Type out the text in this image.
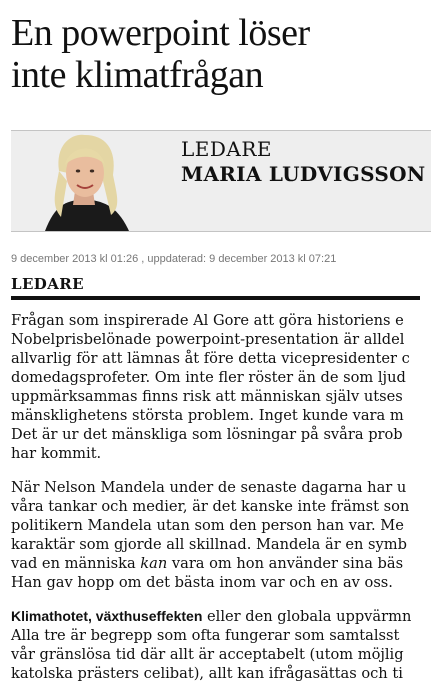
En powerpoint löser
inte klimatfrågan
LEDARE
MARIA LUDVIGSSON
9 december 2013 kl 01:26 , uppdaterad: 9 december 2013 kl 07:21
LEDARE

Frågan som inspirerade Al Gore att göra historiens e
Nobelprisbelönade powerpoint-presentation är alldel
allvarlig för att lämnas åt före detta vicepresidenter c
domedagsprofeter. Om inte fler röster än de som ljud
uppmärksammas finns risk att människan själv utses
mänsklighetens största problem. Inget kunde vara m
Det är ur det mänskliga som lösningar på svåra prob
har kommit.

När Nelson Mandela under de senaste dagarna har u
våra tankar och medier, är det kanske inte främst son
politikern Mandela utan som den person han var. Me
karaktär som gjorde all skillnad. Mandela är en symb
vad en människa kan vara om hon använder sina bäs
Han gav hopp om det bästa inom var och en av oss.

Klimathotet, växthuseffekten eller den globala uppvärmn
Alla tre är begrepp som ofta fungerar som samtalsst
vår gränslösa tid där allt är acceptabelt (utom möjlig
katolska prästers celibat), allt kan ifrågasättas och ti
